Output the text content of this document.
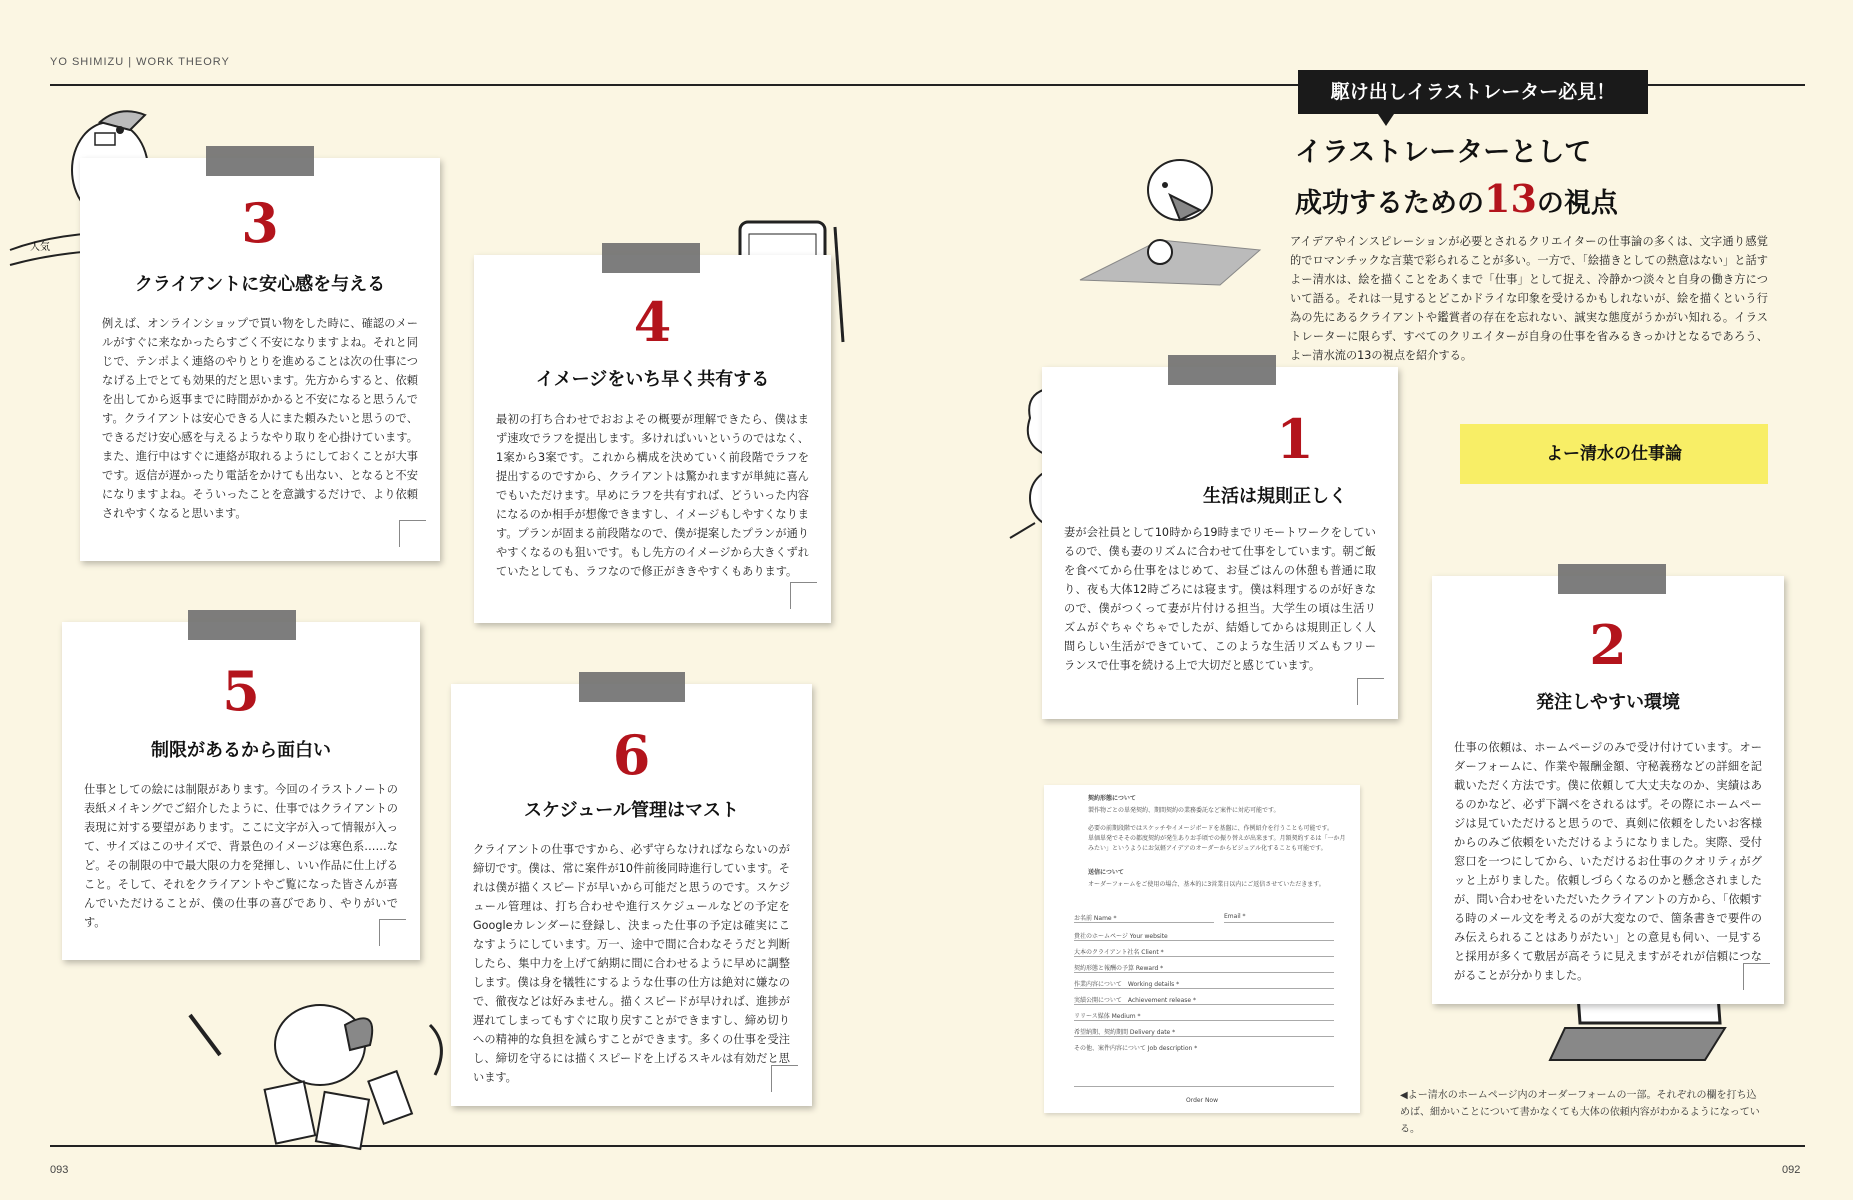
YO SHIMIZU | WORK THEORY
093	092
人気	3
クライアントに安心感を与える
例えば、オンラインショップで買い物をした時に、確認のメールがすぐに来なかったらすごく不安になりますよね。それと同じで、テンポよく連絡のやりとりを進めることは次の仕事につなげる上でとても効果的だと思います。先方からすると、依頼を出してから返事までに時間がかかると不安になると思うんです。クライアントは安心できる人にまた頼みたいと思うので、できるだけ安心感を与えるようなやり取りを心掛けています。また、進行中はすぐに連絡が取れるようにしておくことが大事です。返信が遅かったり電話をかけても出ない、となると不安になりますよね。そういったことを意識するだけで、より依頼されやすくなると思います。
4
イメージをいち早く共有する
最初の打ち合わせでおおよその概要が理解できたら、僕はまず速攻でラフを提出します。多ければいいというのではなく、1案から3案です。これから構成を決めていく前段階でラフを提出するのですから、クライアントは驚かれますが単純に喜んでもいただけます。早めにラフを共有すれば、どういった内容になるのか相手が想像できますし、イメージもしやすくなります。プランが固まる前段階なので、僕が提案したプランが通りやすくなるのも狙いです。もし先方のイメージから大きくずれていたとしても、ラフなので修正がききやすくもあります。
1
生活は規則正しく
妻が会社員として10時から19時までリモートワークをしているので、僕も妻のリズムに合わせて仕事をしています。朝ご飯を食べてから仕事をはじめて、お昼ごはんの休憩も普通に取り、夜も大体12時ごろには寝ます。僕は料理するのが好きなので、僕がつくって妻が片付ける担当。大学生の頃は生活リズムがぐちゃぐちゃでしたが、結婚してからは規則正しく人間らしい生活ができていて、このような生活リズムもフリーランスで仕事を続ける上で大切だと感じています。
5
制限があるから面白い
仕事としての絵には制限があります。今回のイラストノートの表紙メイキングでご紹介したように、仕事ではクライアントの表現に対する要望があります。ここに文字が入って情報が入って、サイズはこのサイズで、背景色のイメージは寒色系……など。その制限の中で最大限の力を発揮し、いい作品に仕上げること。そして、それをクライアントやご覧になった皆さんが喜んでいただけることが、僕の仕事の喜びであり、やりがいです。
6
スケジュール管理はマスト
クライアントの仕事ですから、必ず守らなければならないのが締切です。僕は、常に案件が10件前後同時進行しています。それは僕が描くスピードが早いから可能だと思うのです。スケジュール管理は、打ち合わせや進行スケジュールなどの予定をGoogleカレンダーに登録し、決まった仕事の予定は確実にこなすようにしています。万一、途中で間に合わなそうだと判断したら、集中力を上げて納期に間に合わせるように早めに調整します。僕は身を犠牲にするような仕事の仕方は絶対に嫌なので、徹夜などは好みません。描くスピードが早ければ、進捗が遅れてしまってもすぐに取り戻すことができますし、締め切りへの精神的な負担を減らすことができます。多くの仕事を受注し、締切を守るには描くスピードを上げるスキルは有効だと思います。
2
発注しやすい環境
仕事の依頼は、ホームページのみで受け付けています。オーダーフォームに、作業や報酬金額、守秘義務などの詳細を記載いただく方法です。僕に依頼して大丈夫なのか、実績はあるのかなど、必ず下調べをされるはず。その際にホームページは見ていただけると思うので、真剣に依頼をしたいお客様からのみご依頼をいただけるようになりました。実際、受付窓口を一つにしてから、いただけるお仕事のクオリティがグッと上がりました。依頼しづらくなるのかと懸念されましたが、問い合わせをいただいたクライアントの方から、「依頼する時のメール文を考えるのが大変なので、箇条書きで要件のみ伝えられることはありがたい」との意見も伺い、一見すると採用が多くて敷居が高そうに見えますがそれが信頼につながることが分かりました。
駆け出しイラストレーター必見！
イラストレーターとして
成功するための13の視点
アイデアやインスピレーションが必要とされるクリエイターの仕事論の多くは、文字通り感覚的でロマンチックな言葉で彩られることが多い。一方で、「絵描きとしての熱意はない」と話すよー清水は、絵を描くことをあくまで「仕事」として捉え、冷静かつ淡々と自身の働き方について語る。それは一見するとどこかドライな印象を受けるかもしれないが、絵を描くという行為の先にあるクライアントや鑑賞者の存在を忘れない、誠実な態度がうかがい知れる。イラストレーターに限らず、すべてのクリエイターが自身の仕事を省みるきっかけとなるであろう、よー清水流の13の視点を紹介する。
よー清水の仕事論
契約形態について
製作物ごとの単発契約、期間契約の業務委託など案件に対応可能です。
必要の前期段階ではスケッチやイメージボードを基盤に、作例紹介を行うことも可能です。
単価単発でそその都度契約が発生ありお手頃での振り替えが出来ます。月額契約するは「一か月
みたい」というようにお気軽アイデアのオーダーからビジュアル化することも可能です。
送信について
オーダーフォームをご使用の場合、基本的に3営業日以内にご返信させていただきます。
お名前 Name *	Email *
貴社のホームページ Your website
大本のクライアント社名 Client *
契約形態と報酬の予算 Reward *
作業内容について　Working details *
実績公開について　Achievement release *
リリース媒体 Medium *
希望納期、契約期間 Delivery date *
その他、案件内容について Job description *
Order Now	◀よー清水のホームページ内のオーダーフォームの一部。それぞれの欄を打ち込めば、細かいことについて書かなくても大体の依頼内容がわかるようになっている。
